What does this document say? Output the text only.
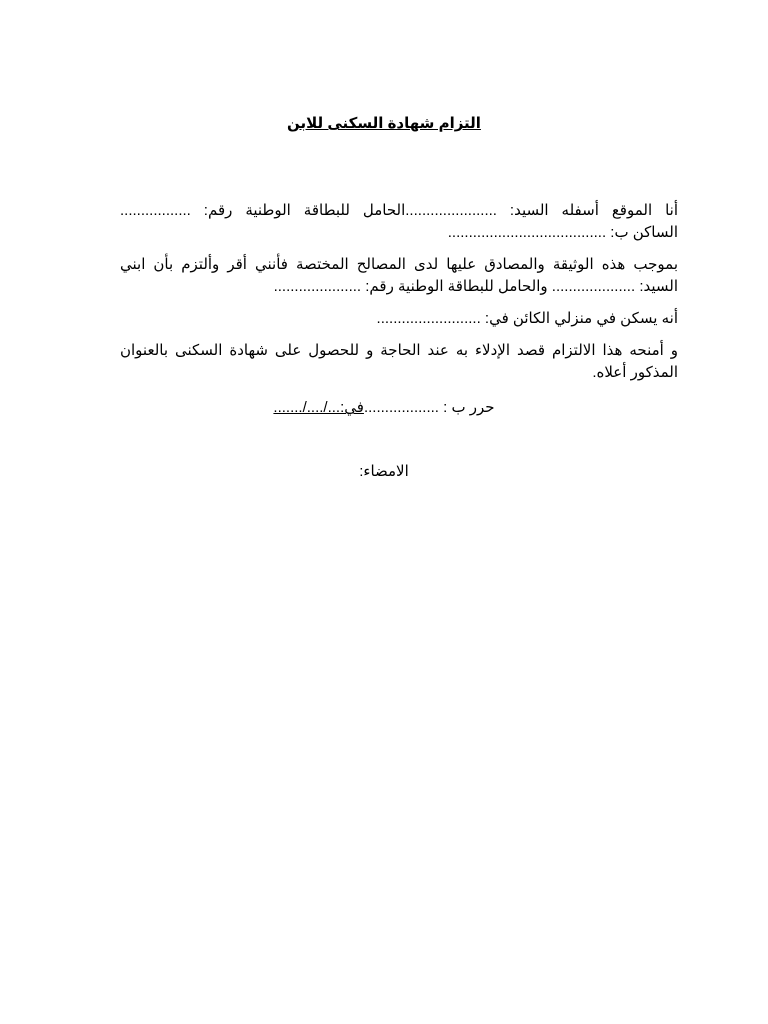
التزام شهادة السكنى للابن
أنا الموقع أسفله السيد: ......................الحامل للبطاقة الوطنية رقم: .................
الساكن ب: ......................................
بموجب هذه الوثيقة والمصادق عليها لدى المصالح المختصة فأنني أقر وألتزم بأن ابني
السيد: .................... والحامل للبطاقة الوطنية رقم: .....................
أنه يسكن في منزلي الكائن في: .........................
و أمنحه هذا الالتزام قصد الإدلاء به عند الحاجة و للحصول على شهادة السكنى بالعنوان
المذكور أعلاه.
حرر ب : ..................في:.../..../.......
الامضاء:
